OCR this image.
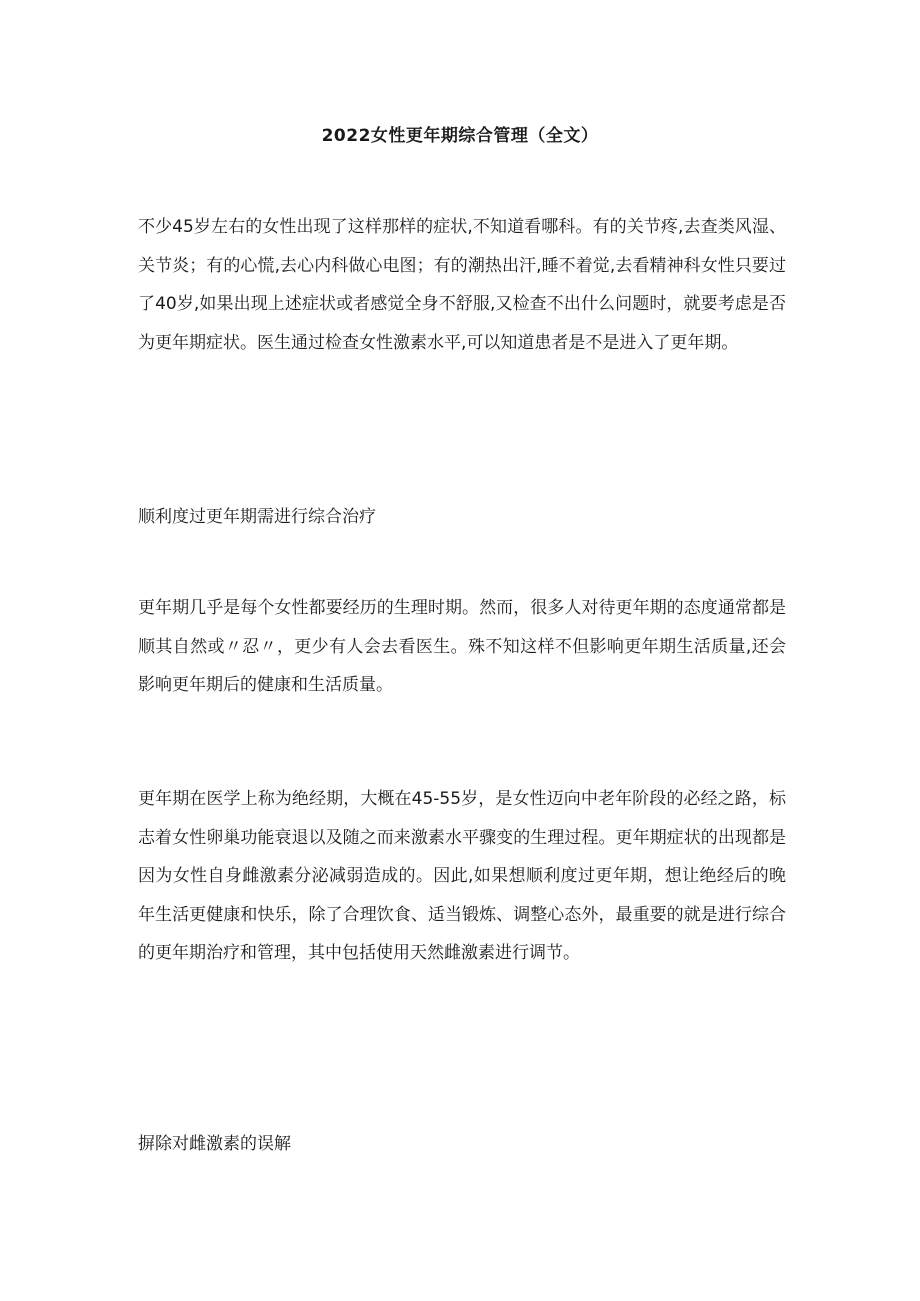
2022女性更年期综合管理（全文）

不少45岁左右的女性出现了这样那样的症状,不知道看哪科。有的关节疼,去查类风湿、关节炎；有的心慌,去心内科做心电图；有的潮热出汗,睡不着觉,去看精神科女性只要过了40岁,如果出现上述症状或者感觉全身不舒服,又检查不出什么问题时，就要考虑是否为更年期症状。医生通过检查女性激素水平,可以知道患者是不是进入了更年期。

顺利度过更年期需进行综合治疗

更年期几乎是每个女性都要经历的生理时期。然而，很多人对待更年期的态度通常都是顺其自然或〃忍〃，更少有人会去看医生。殊不知这样不但影响更年期生活质量,还会影响更年期后的健康和生活质量。

更年期在医学上称为绝经期，大概在45-55岁，是女性迈向中老年阶段的必经之路，标志着女性卵巢功能衰退以及随之而来激素水平骤变的生理过程。更年期症状的出现都是因为女性自身雌激素分泌减弱造成的。因此,如果想顺利度过更年期，想让绝经后的晚年生活更健康和快乐，除了合理饮食、适当锻炼、调整心态外，最重要的就是进行综合的更年期治疗和管理，其中包括使用天然雌激素进行调节。

摒除对雌激素的误解
